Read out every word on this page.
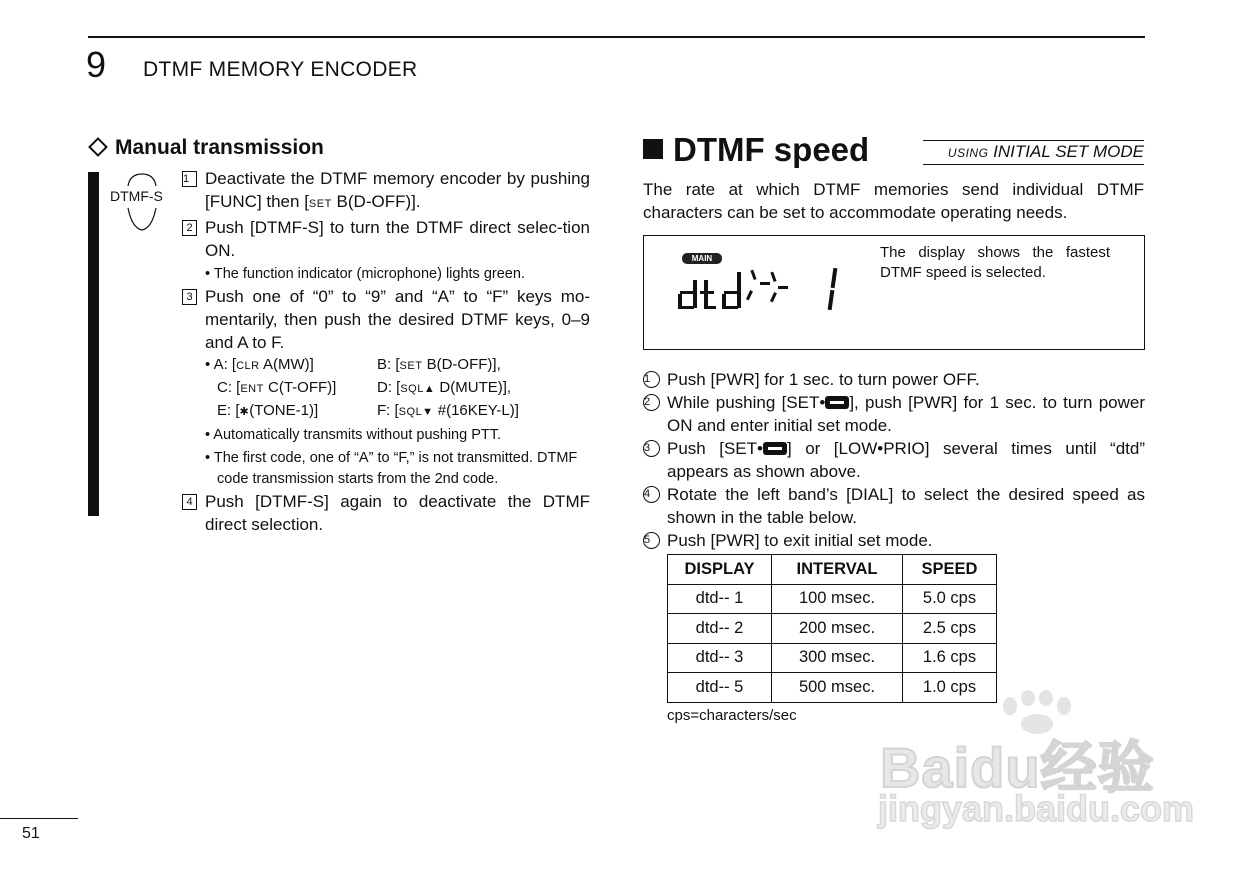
9 DTMF MEMORY ENCODER
Manual transmission
DTMF-S
1 Deactivate the DTMF memory encoder by pushing [FUNC] then [SET B(D-OFF)].
2 Push [DTMF-S] to turn the DTMF direct selec-tion ON.
• The function indicator (microphone) lights green.
3 Push one of “0” to “9” and “A” to “F” keys mo-mentarily, then push the desired DTMF keys, 0–9 and A to F.
• A: [CLR A(MW)]	B: [SET B(D-OFF)],
C: [ENT C(T-OFF)]	D: [SQL▲ D(MUTE)],
E: [✱(TONE-1)]	F: [SQL▼ #(16KEY-L)]
• Automatically transmits without pushing PTT.
• The first code, one of “A” to “F,” is not transmitted. DTMF code transmission starts from the 2nd code.
4 Push [DTMF-S] again to deactivate the DTMF direct selection.
DTMF speed	USING INITIAL SET MODE
The rate at which DTMF memories send individual DTMF characters can be set to accommodate operating needs.
MAIN	The display shows the fastest DTMF speed is selected.
1 Push [PWR] for 1 sec. to turn power OFF.
2 While pushing [SET• ], push [PWR] for 1 sec. to turn power ON and enter initial set mode.
3 Push [SET• ] or [LOW•PRIO] several times until “dtd” appears as shown above.
4 Rotate the left band’s [DIAL] to select the desired speed as shown in the table below.
5 Push [PWR] to exit initial set mode.
DISPLAY	INTERVAL	SPEED
dtd-- 1	100 msec.	5.0 cps
dtd-- 2	200 msec.	2.5 cps
dtd-- 3	300 msec.	1.6 cps
dtd-- 5	500 msec.	1.0 cps
cps=characters/sec
51
Baidu经验
jingyan.baidu.com
